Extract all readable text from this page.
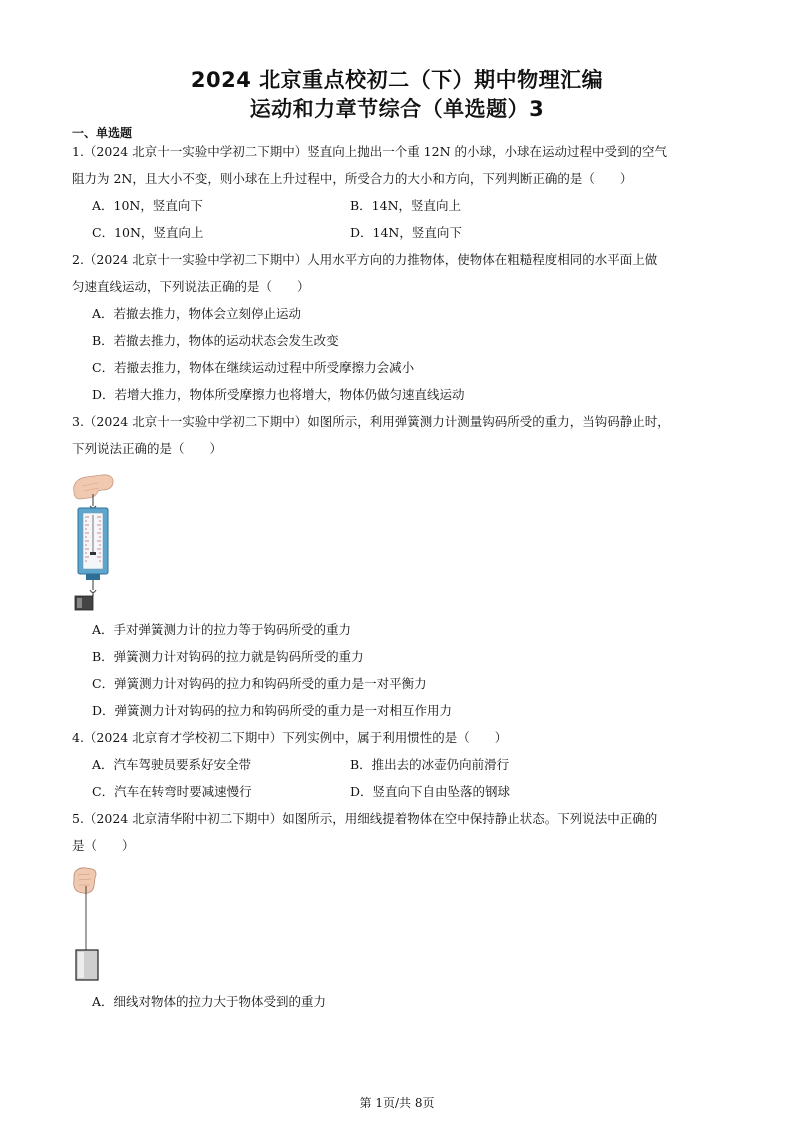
2024 北京重点校初二（下）期中物理汇编
运动和力章节综合（单选题）3
一、单选题
1.（2024 北京十一实验中学初二下期中）竖直向上抛出一个重 12N 的小球，小球在运动过程中受到的空气
阻力为 2N，且大小不变，则小球在上升过程中，所受合力的大小和方向，下列判断正确的是（　　）
A．10N，竖直向下	B．14N，竖直向上
C．10N，竖直向上	D．14N，竖直向下
2.（2024 北京十一实验中学初二下期中）人用水平方向的力推物体，使物体在粗糙程度相同的水平面上做
匀速直线运动，下列说法正确的是（　　）
A．若撤去推力，物体会立刻停止运动
B．若撤去推力，物体的运动状态会发生改变
C．若撤去推力，物体在继续运动过程中所受摩擦力会减小
D．若增大推力，物体所受摩擦力也将增大，物体仍做匀速直线运动
3.（2024 北京十一实验中学初二下期中）如图所示，利用弹簧测力计测量钩码所受的重力，当钩码静止时，
下列说法正确的是（　　）
A．手对弹簧测力计的拉力等于钩码所受的重力
B．弹簧测力计对钩码的拉力就是钩码所受的重力
C．弹簧测力计对钩码的拉力和钩码所受的重力是一对平衡力
D．弹簧测力计对钩码的拉力和钩码所受的重力是一对相互作用力
4.（2024 北京育才学校初二下期中）下列实例中，属于利用惯性的是（　　）
A．汽车驾驶员要系好安全带	B．推出去的冰壶仍向前滑行
C．汽车在转弯时要减速慢行	D．竖直向下自由坠落的钢球
5.（2024 北京清华附中初二下期中）如图所示，用细线提着物体在空中保持静止状态。下列说法中正确的
是（　　）
A．细线对物体的拉力大于物体受到的重力
第 1页/共 8页
